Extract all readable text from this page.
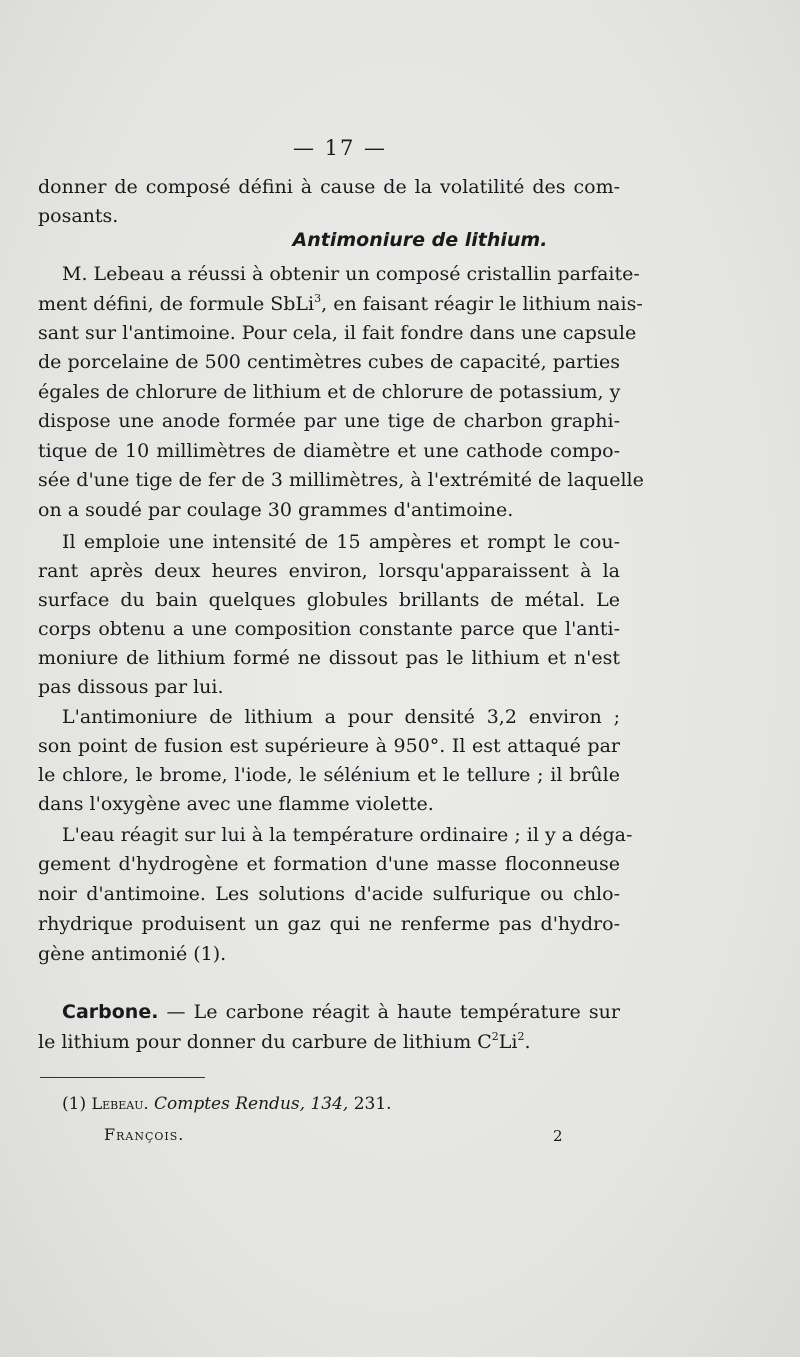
— 17 —
donner de composé défini à cause de la volatilité des com-
posants.
Antimoniure de lithium.
M. Lebeau a réussi à obtenir un composé cristallin parfaite-
ment défini, de formule SbLi$^3$, en faisant réagir le lithium nais-
sant sur l'antimoine. Pour cela, il fait fondre dans une capsule
de porcelaine de 500 centimètres cubes de capacité, parties
égales de chlorure de lithium et de chlorure de potassium, y
dispose une anode formée par une tige de charbon graphi-
tique de 10 millimètres de diamètre et une cathode compo-
sée d'une tige de fer de 3 millimètres, à l'extrémité de laquelle
on a soudé par coulage 30 grammes d'antimoine.
Il emploie une intensité de 15 ampères et rompt le cou-
rant après deux heures environ, lorsqu'apparaissent à la
surface du bain quelques globules brillants de métal. Le
corps obtenu a une composition constante parce que l'anti-
moniure de lithium formé ne dissout pas le lithium et n'est
pas dissous par lui.
L'antimoniure de lithium a pour densité 3,2 environ ;
son point de fusion est supérieure à 950°. Il est attaqué par
le chlore, le brome, l'iode, le sélénium et le tellure ; il brûle
dans l'oxygène avec une flamme violette.
L'eau réagit sur lui à la température ordinaire ; il y a déga-
gement d'hydrogène et formation d'une masse floconneuse
noir d'antimoine. Les solutions d'acide sulfurique ou chlo-
rhydrique produisent un gaz qui ne renferme pas d'hydro-
gène antimonié (1).
Carbone. — Le carbone réagit à haute température sur
le lithium pour donner du carbure de lithium $C^2Li^2$.
(1) Lebeau. Comptes Rendus, 134, 231.
François.	2
